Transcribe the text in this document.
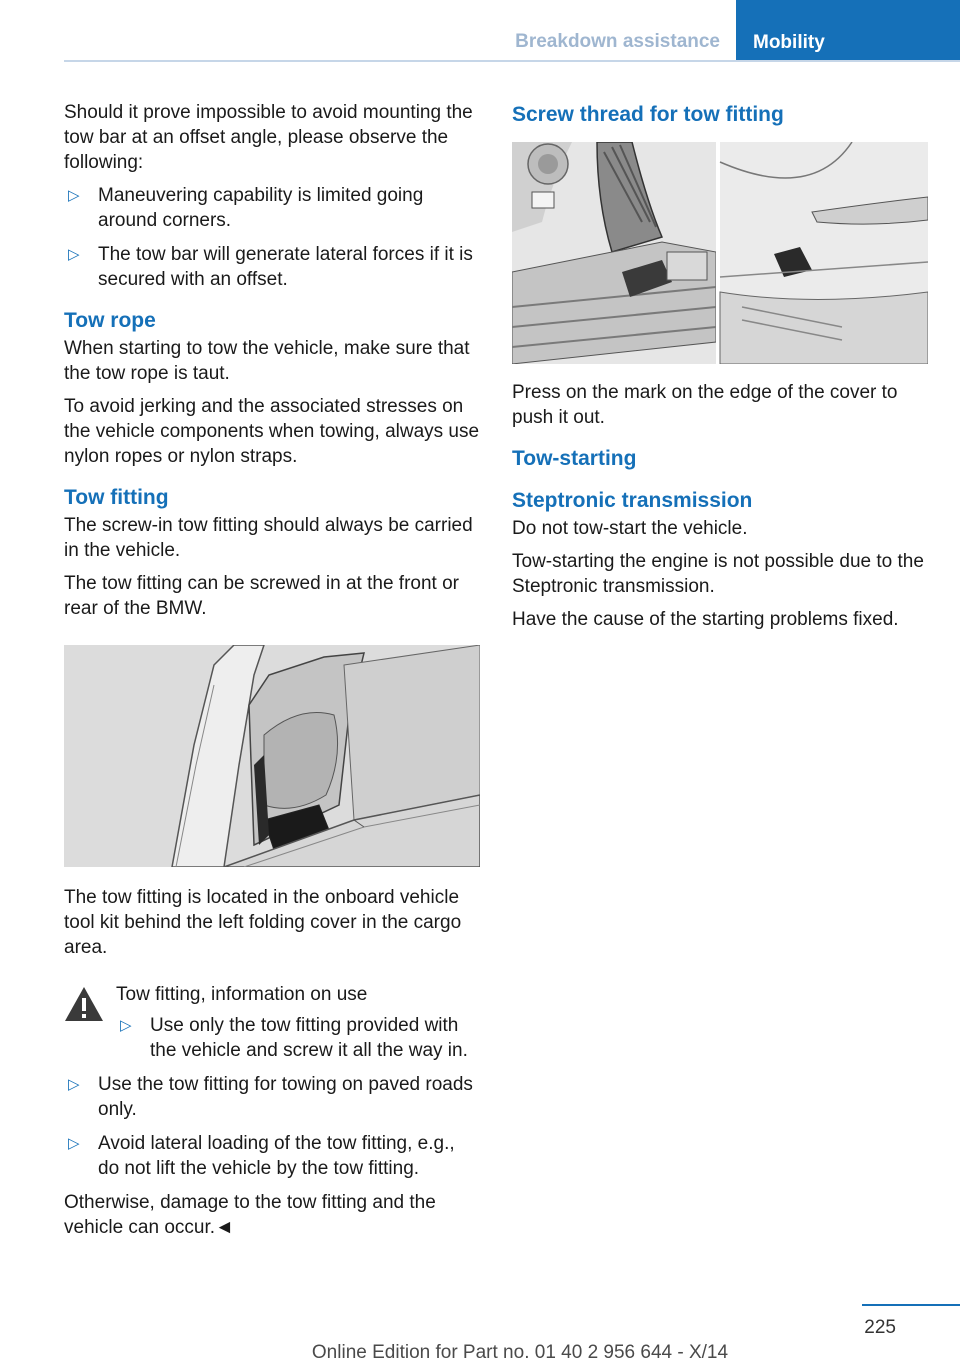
Breakdown assistance	Mobility

Should it prove impossible to avoid mounting the tow bar at an offset angle, please observe the following:

▷ Maneuvering capability is limited going around corners.
▷ The tow bar will generate lateral forces if it is secured with an offset.
Tow rope

When starting to tow the vehicle, make sure that the tow rope is taut.

To avoid jerking and the associated stresses on the vehicle components when towing, always use nylon ropes or nylon straps.

Tow fitting

The screw-in tow fitting should always be carried in the vehicle.

The tow fitting can be screwed in at the front or rear of the BMW.

The tow fitting is located in the onboard vehicle tool kit behind the left folding cover in the cargo area.

Tow fitting, information on use

▷ Use only the tow fitting provided with the vehicle and screw it all the way in.
▷ Use the tow fitting for towing on paved roads only.
▷ Avoid lateral loading of the tow fitting, e.g., do not lift the vehicle by the tow fitting.

Otherwise, damage to the tow fitting and the vehicle can occur.◄

Screw thread for tow fitting

Press on the mark on the edge of the cover to push it out.

Tow-starting
Steptronic transmission

Do not tow-start the vehicle.

Tow-starting the engine is not possible due to the Steptronic transmission.

Have the cause of the starting problems fixed.

225
Online Edition for Part no. 01 40 2 956 644 - X/14
